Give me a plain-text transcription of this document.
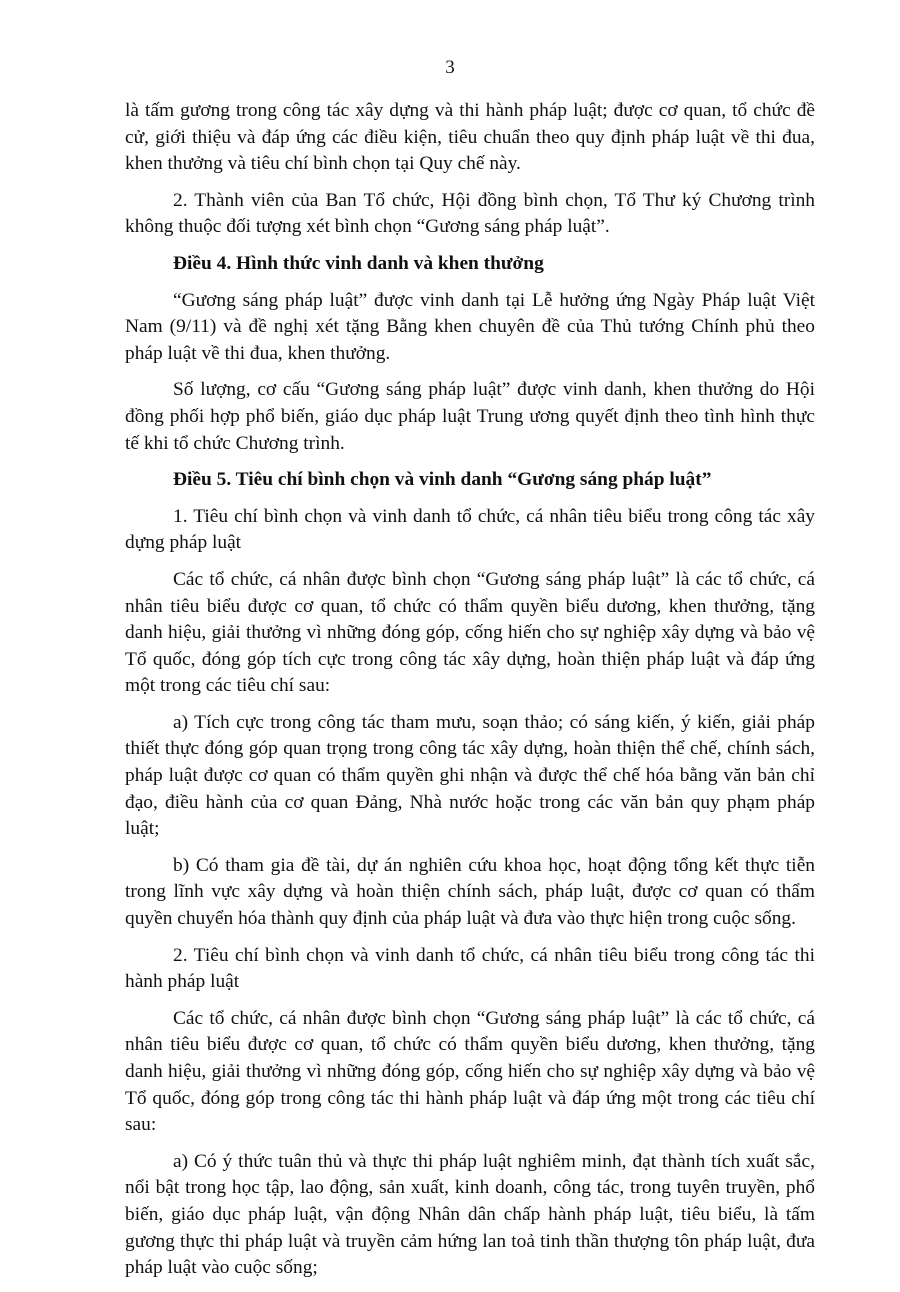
3

là tấm gương trong công tác xây dựng và thi hành pháp luật; được cơ quan, tổ chức đề cử, giới thiệu và đáp ứng các điều kiện, tiêu chuẩn theo quy định pháp luật về thi đua, khen thưởng và tiêu chí bình chọn tại Quy chế này.

2. Thành viên của Ban Tổ chức, Hội đồng bình chọn, Tổ Thư ký Chương trình không thuộc đối tượng xét bình chọn “Gương sáng pháp luật”.

Điều 4. Hình thức vinh danh và khen thưởng

“Gương sáng pháp luật” được vinh danh tại Lễ hưởng ứng Ngày Pháp luật Việt Nam (9/11) và đề nghị xét tặng Bằng khen chuyên đề của Thủ tướng Chính phủ theo pháp luật về thi đua, khen thưởng.

Số lượng, cơ cấu “Gương sáng pháp luật” được vinh danh, khen thưởng do Hội đồng phối hợp phổ biến, giáo dục pháp luật Trung ương quyết định theo tình hình thực tế khi tổ chức Chương trình.

Điều 5. Tiêu chí bình chọn và vinh danh “Gương sáng pháp luật”

1. Tiêu chí bình chọn và vinh danh tổ chức, cá nhân tiêu biểu trong công tác xây dựng pháp luật

Các tổ chức, cá nhân được bình chọn “Gương sáng pháp luật” là các tổ chức, cá nhân tiêu biểu được cơ quan, tổ chức có thẩm quyền biểu dương, khen thưởng, tặng danh hiệu, giải thưởng vì những đóng góp, cống hiến cho sự nghiệp xây dựng và bảo vệ Tổ quốc, đóng góp tích cực trong công tác xây dựng, hoàn thiện pháp luật và đáp ứng một trong các tiêu chí sau:

a) Tích cực trong công tác tham mưu, soạn thảo; có sáng kiến, ý kiến, giải pháp thiết thực đóng góp quan trọng trong công tác xây dựng, hoàn thiện thể chế, chính sách, pháp luật được cơ quan có thẩm quyền ghi nhận và được thể chế hóa bằng văn bản chỉ đạo, điều hành của cơ quan Đảng, Nhà nước hoặc trong các văn bản quy phạm pháp luật;

b) Có tham gia đề tài, dự án nghiên cứu khoa học, hoạt động tổng kết thực tiễn trong lĩnh vực xây dựng và hoàn thiện chính sách, pháp luật, được cơ quan có thẩm quyền chuyển hóa thành quy định của pháp luật và đưa vào thực hiện trong cuộc sống.

2. Tiêu chí bình chọn và vinh danh tổ chức, cá nhân tiêu biểu trong công tác thi hành pháp luật

Các tổ chức, cá nhân được bình chọn “Gương sáng pháp luật” là các tổ chức, cá nhân tiêu biểu được cơ quan, tổ chức có thẩm quyền biểu dương, khen thưởng, tặng danh hiệu, giải thưởng vì những đóng góp, cống hiến cho sự nghiệp xây dựng và bảo vệ Tổ quốc, đóng góp trong công tác thi hành pháp luật và đáp ứng một trong các tiêu chí sau:

a) Có ý thức tuân thủ và thực thi pháp luật nghiêm minh, đạt thành tích xuất sắc, nổi bật trong học tập, lao động, sản xuất, kinh doanh, công tác, trong tuyên truyền, phổ biến, giáo dục pháp luật, vận động Nhân dân chấp hành pháp luật, tiêu biểu, là tấm gương thực thi pháp luật và truyền cảm hứng lan toả tinh thần thượng tôn pháp luật, đưa pháp luật vào cuộc sống;
